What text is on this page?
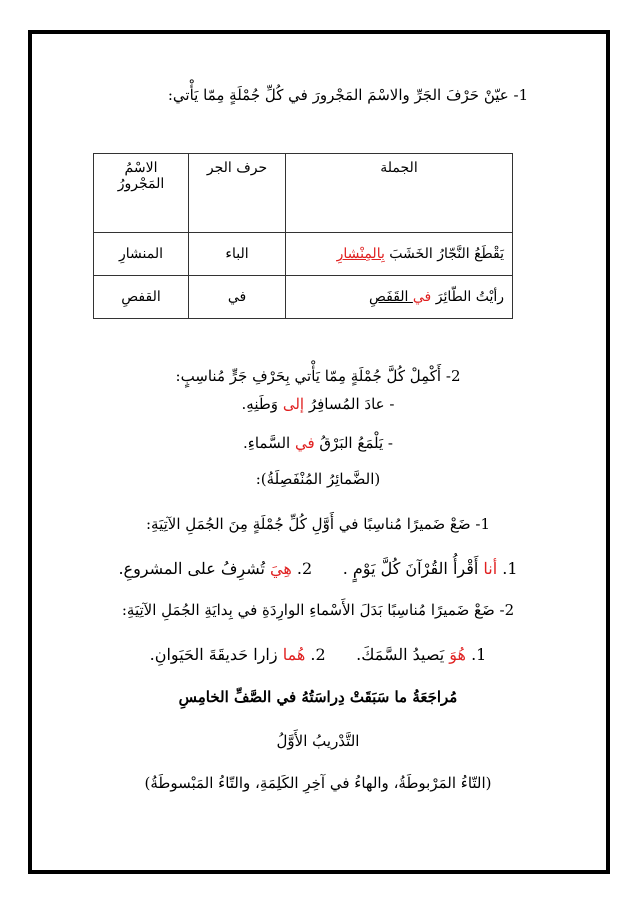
1- عيّنْ حَرْفَ الجَرِّ والاسْمَ المَجْرورَ في كُلِّ جُمْلَةٍ مِمّا يَأْتي:
الجملة	حرف الجر	الاسْمُ المَجْرورُ
يَقْطَعُ النَّجّارُ الخَشَبَ بِالمِنْشارِ	الباء	المنشارِ
رأيْتُ الطّائِرَ في القَفَصِ	في	القفصِ
2- أَكْمِلْ كُلَّ جُمْلَةٍ مِمّا يَأْتي بِحَرْفِ جَرٍّ مُناسِبٍ:
- عادَ المُسافِرُ إلى وَطَنِهِ.
- يَلْمَعُ البَرْقُ في السَّماءِ.
(الضَّمائِرُ المُنْفَصِلَةُ):
1- ضَعْ ضَميرًا مُناسِبًا في أَوَّلِ كُلِّ جُمْلَةٍ مِنَ الجُمَلِ الآتِيَةِ:
1. أنا أَقْرأُ القُرْآنَ كُلَّ يَوْمٍ .      2. هِيَ تُشرِفُ على المشروعِ.
2- ضَعْ ضَميرًا مُناسِبًا بَدَلَ الأَسْماءِ الوارِدَةِ في بِدايَةِ الجُمَلِ الآتِيَةِ:
1. هُوَ يَصيدُ السَّمَكَ.      2. هُما زارا حَديقَةَ الحَيَوانِ.
مُراجَعَةُ ما سَبَقَتْ دِراسَتُهُ في الصَّفِّ الخامِسِ
التَّدْريبُ الأَوَّلُ
(التّاءُ المَرْبوطَةُ، والهاءُ في آخِرِ الكَلِمَةِ، والتّاءُ المَبْسوطَةُ)
